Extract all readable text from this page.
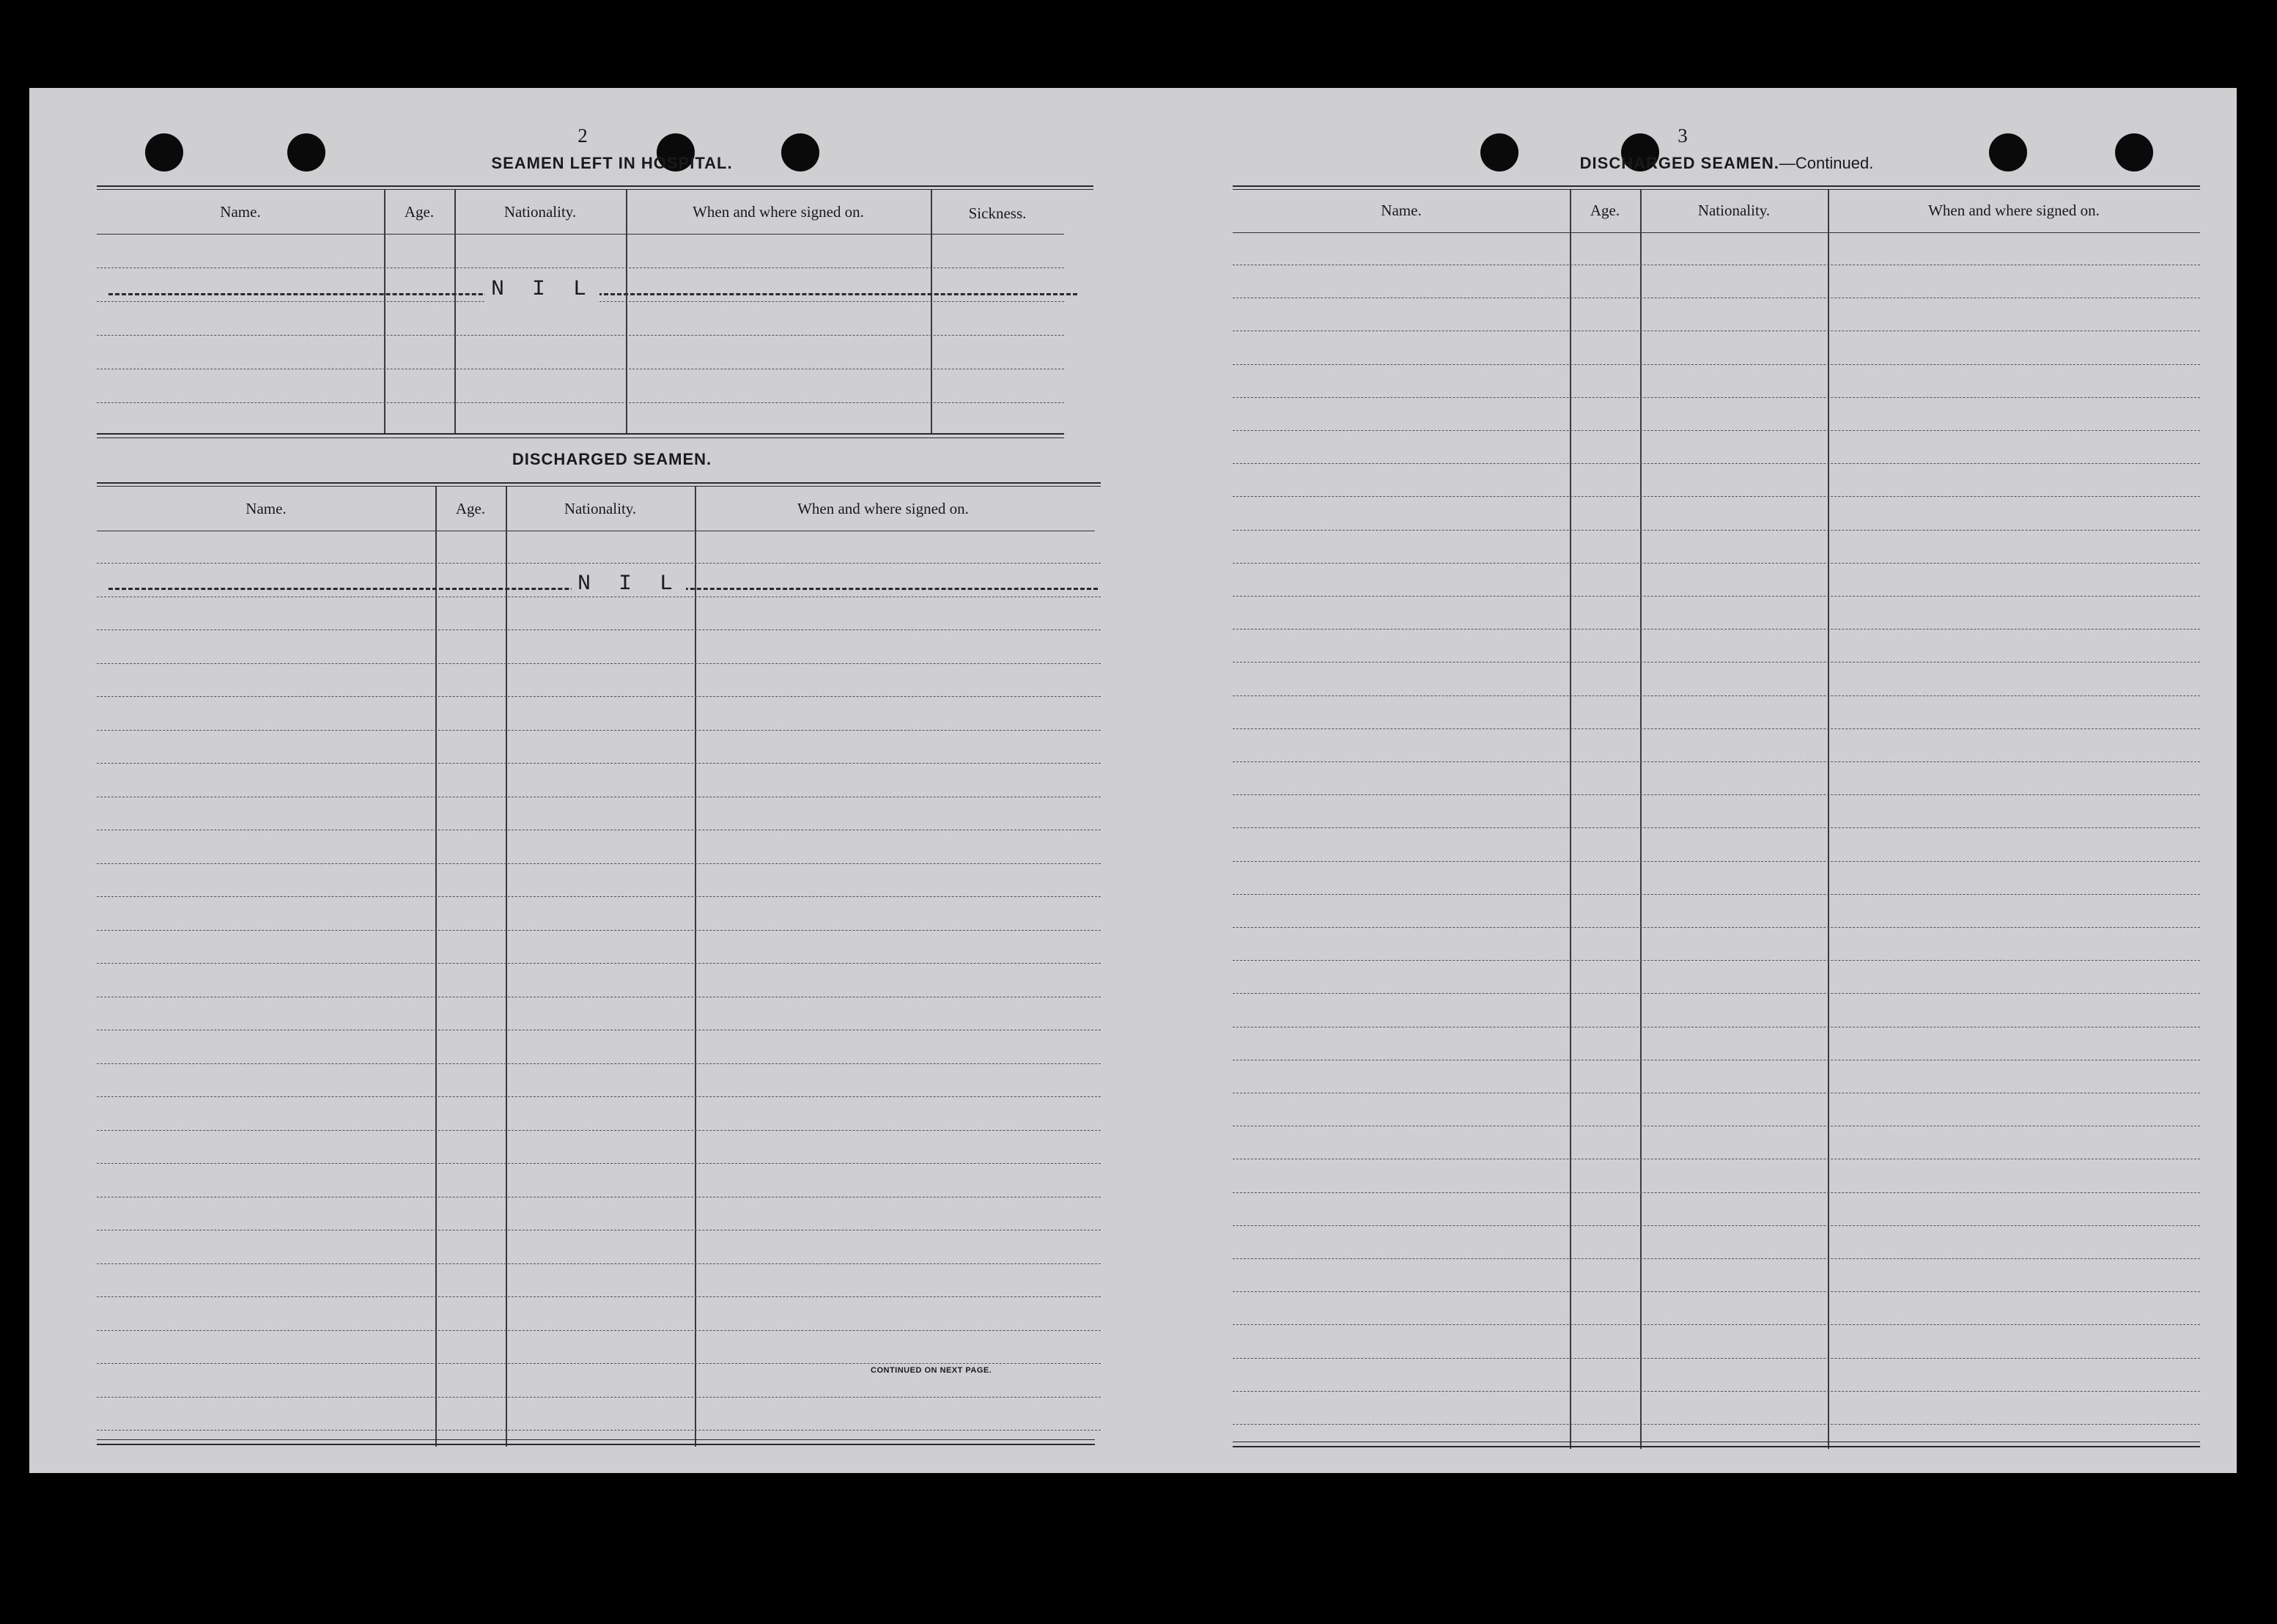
2
SEAMEN LEFT IN HOSPITAL.
Name.	Age.	Nationality.	When and where signed on.	Sickness.
N I L
DISCHARGED SEAMEN.
Name.	Age.	Nationality.	When and where signed on.
N I L
CONTINUED ON NEXT PAGE.
3
DISCHARGED SEAMEN.—Continued.
Name.	Age.	Nationality.	When and where signed on.
